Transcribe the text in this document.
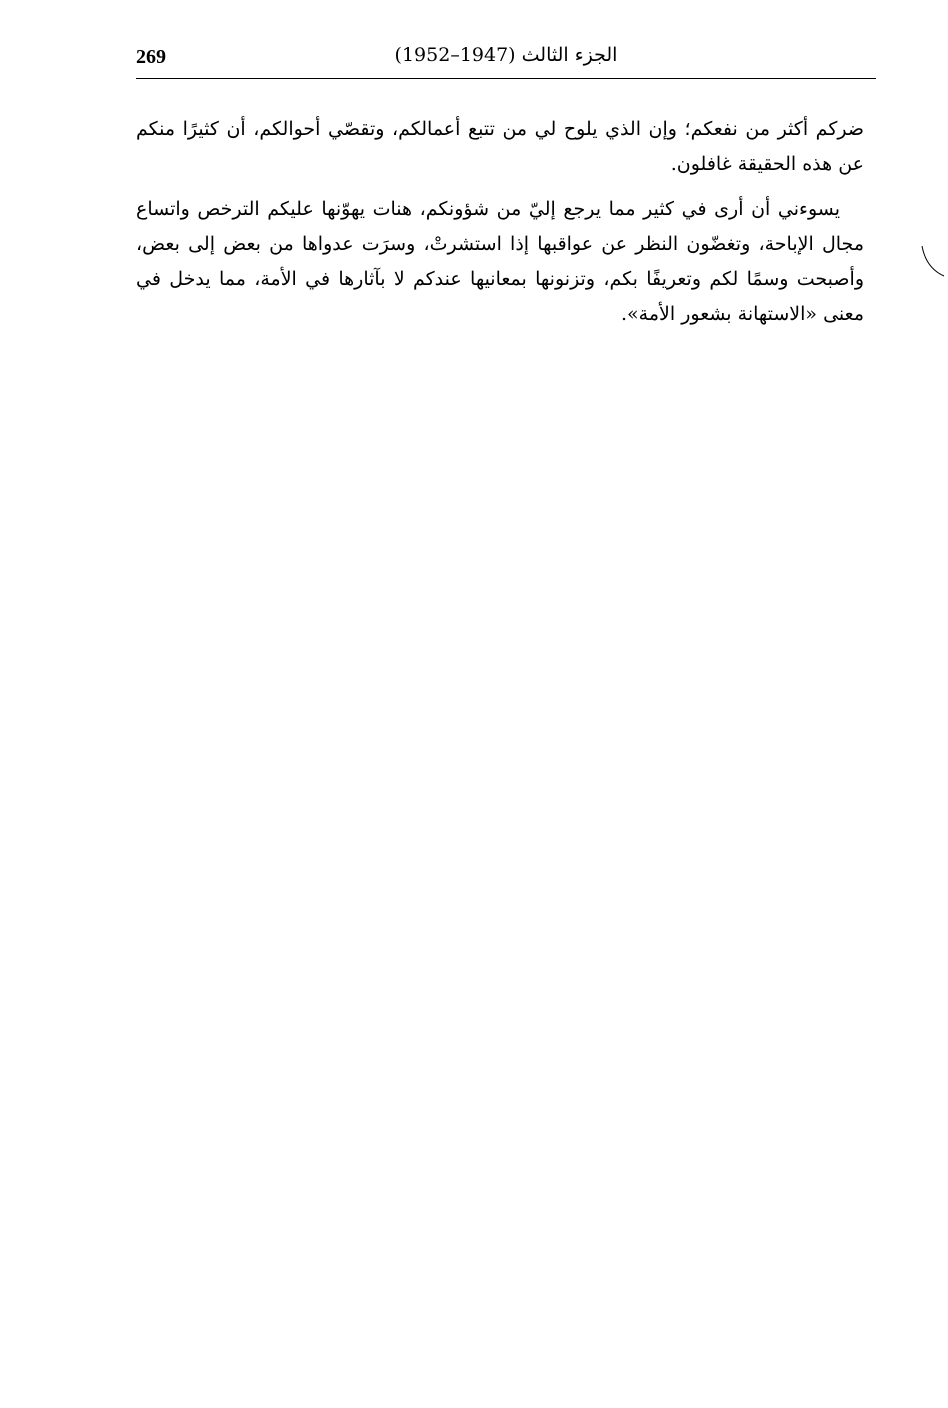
269	الجزء الثالث (1947–1952)

ضركم أكثر من نفعكم؛ وإن الذي يلوح لي من تتبع أعمالكم، وتقصّي أحوالكم، أن كثيرًا منكم عن هذه الحقيقة غافلون.

يسوءني أن أرى في كثير مما يرجع إليّ من شؤونكم، هنات يهوّنها عليكم الترخص واتساع مجال الإباحة، وتغضّون النظر عن عواقبها إذا استشرتْ، وسرَت عدواها من بعض إلى بعض، وأصبحت وسمًا لكم وتعريفًا بكم، وتزنونها بمعانيها عندكم لا بآثارها في الأمة، مما يدخل في معنى «الاستهانة بشعور الأمة».
